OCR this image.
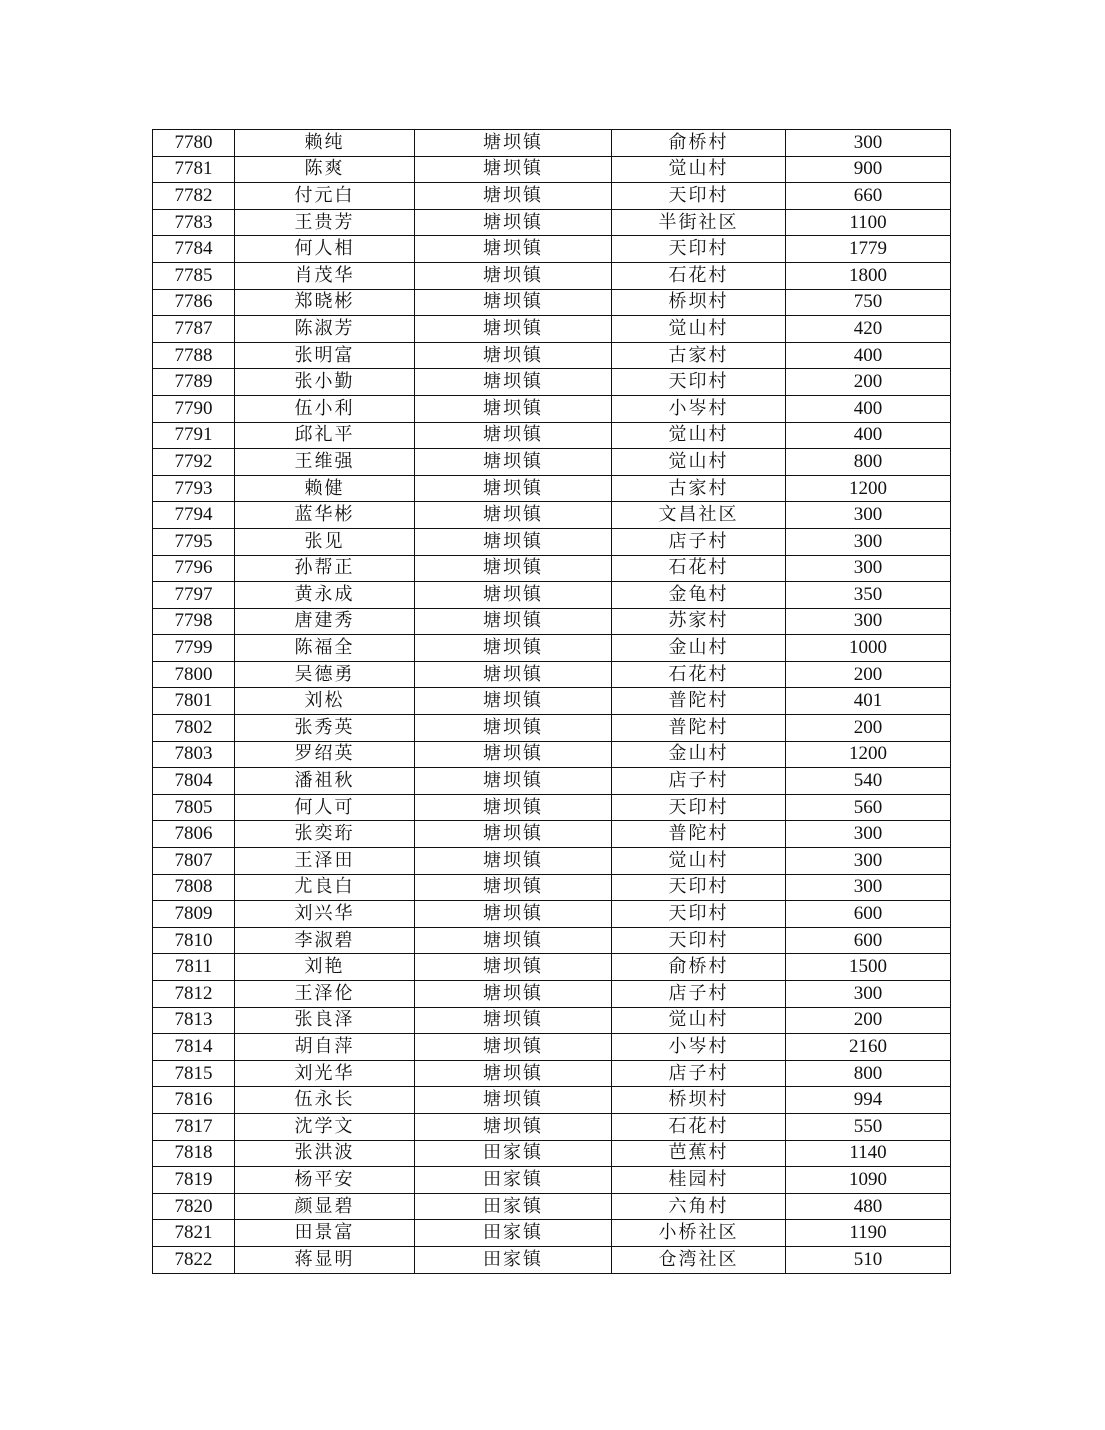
7780	赖纯	塘坝镇	俞桥村	300
7781	陈爽	塘坝镇	觉山村	900
7782	付元白	塘坝镇	天印村	660
7783	王贵芳	塘坝镇	半街社区	1100
7784	何人相	塘坝镇	天印村	1779
7785	肖茂华	塘坝镇	石花村	1800
7786	郑晓彬	塘坝镇	桥坝村	750
7787	陈淑芳	塘坝镇	觉山村	420
7788	张明富	塘坝镇	古家村	400
7789	张小勤	塘坝镇	天印村	200
7790	伍小利	塘坝镇	小岑村	400
7791	邱礼平	塘坝镇	觉山村	400
7792	王维强	塘坝镇	觉山村	800
7793	赖健	塘坝镇	古家村	1200
7794	蓝华彬	塘坝镇	文昌社区	300
7795	张见	塘坝镇	店子村	300
7796	孙帮正	塘坝镇	石花村	300
7797	黄永成	塘坝镇	金龟村	350
7798	唐建秀	塘坝镇	苏家村	300
7799	陈福全	塘坝镇	金山村	1000
7800	吴德勇	塘坝镇	石花村	200
7801	刘松	塘坝镇	普陀村	401
7802	张秀英	塘坝镇	普陀村	200
7803	罗绍英	塘坝镇	金山村	1200
7804	潘祖秋	塘坝镇	店子村	540
7805	何人可	塘坝镇	天印村	560
7806	张奕珩	塘坝镇	普陀村	300
7807	王泽田	塘坝镇	觉山村	300
7808	尤良白	塘坝镇	天印村	300
7809	刘兴华	塘坝镇	天印村	600
7810	李淑碧	塘坝镇	天印村	600
7811	刘艳	塘坝镇	俞桥村	1500
7812	王泽伦	塘坝镇	店子村	300
7813	张良泽	塘坝镇	觉山村	200
7814	胡自萍	塘坝镇	小岑村	2160
7815	刘光华	塘坝镇	店子村	800
7816	伍永长	塘坝镇	桥坝村	994
7817	沈学文	塘坝镇	石花村	550
7818	张洪波	田家镇	芭蕉村	1140
7819	杨平安	田家镇	桂园村	1090
7820	颜显碧	田家镇	六角村	480
7821	田景富	田家镇	小桥社区	1190
7822	蒋显明	田家镇	仓湾社区	510
